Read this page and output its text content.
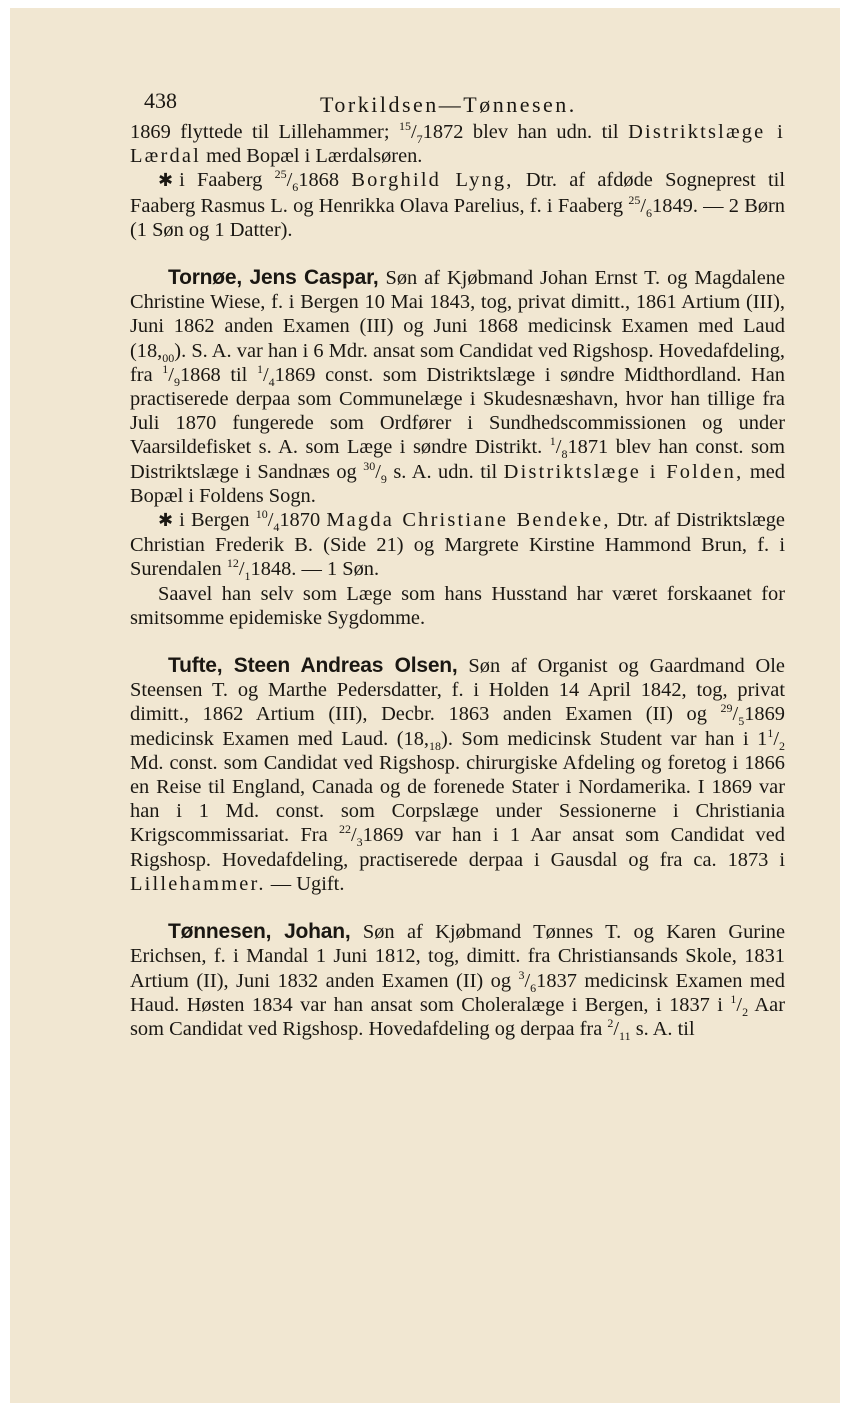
438	Torkildsen—Tønnesen.

1869 flyttede til Lillehammer; $^{15}/_71872$ blev han udn. til Distriktslæge i Lærdal med Bopæl i Lærdalsøren.

✱ i Faaberg $^{25}/_61868$ Borghild Lyng, Dtr. af afdøde Sogneprest til Faaberg Rasmus L. og Henrikka Olava Parelius, f. i Faaberg $^{25}/_61849$. — 2 Børn (1 Søn og 1 Datter).

Tornøe, Jens Caspar, Søn af Kjøbmand Johan Ernst T. og Magdalene Christine Wiese, f. i Bergen 10 Mai 1843, tog, privat dimitt., 1861 Artium (III), Juni 1862 anden Examen (III) og Juni 1868 medicinsk Examen med Laud $(18,_{00})$. S. A. var han i 6 Mdr. ansat som Candidat ved Rigshosp. Hovedafdeling, fra $^1/_91868$ til $^1/_41869$ const. som Distriktslæge i søndre Midthordland. Han practiserede derpaa som Communelæge i Skudesnæshavn, hvor han tillige fra Juli 1870 fungerede som Ordfører i Sundhedscommissionen og under Vaarsildefisket s. A. som Læge i søndre Distrikt. $^1/_81871$ blev han const. som Distriktslæge i Sandnæs og $^{30}/_9$ s. A. udn. til Distriktslæge i Folden, med Bopæl i Foldens Sogn.

✱ i Bergen $^{10}/_41870$ Magda Christiane Bendeke, Dtr. af Distriktslæge Christian Frederik B. (Side 21) og Margrete Kirstine Hammond Brun, f. i Surendalen $^{12}/_11848$. — 1 Søn.

Saavel han selv som Læge som hans Husstand har været forskaanet for smitsomme epidemiske Sygdomme.

Tufte, Steen Andreas Olsen, Søn af Organist og Gaardmand Ole Steensen T. og Marthe Pedersdatter, f. i Holden 14 April 1842, tog, privat dimitt., 1862 Artium (III), Decbr. 1863 anden Examen (II) og $^{29}/_51869$ medicinsk Examen med Laud. $(18,_{18})$. Som medicinsk Student var han i $1^1/_2$ Md. const. som Candidat ved Rigshosp. chirurgiske Afdeling og foretog i 1866 en Reise til England, Canada og de forenede Stater i Nordamerika. I 1869 var han i 1 Md. const. som Corpslæge under Sessionerne i Christiania Krigscommissariat. Fra $^{22}/_31869$ var han i 1 Aar ansat som Candidat ved Rigshosp. Hovedafdeling, practiserede derpaa i Gausdal og fra ca. 1873 i Lillehammer. — Ugift.

Tønnesen, Johan, Søn af Kjøbmand Tønnes T. og Karen Gurine Erichsen, f. i Mandal 1 Juni 1812, tog, dimitt. fra Christiansands Skole, 1831 Artium (II), Juni 1832 anden Examen (II) og $^3/_61837$ medicinsk Examen med Haud. Høsten 1834 var han ansat som Choleralæge i Bergen, i 1837 i $^1/_2$ Aar som Candidat ved Rigshosp. Hovedafdeling og derpaa fra $^2/_{11}$ s. A. til
